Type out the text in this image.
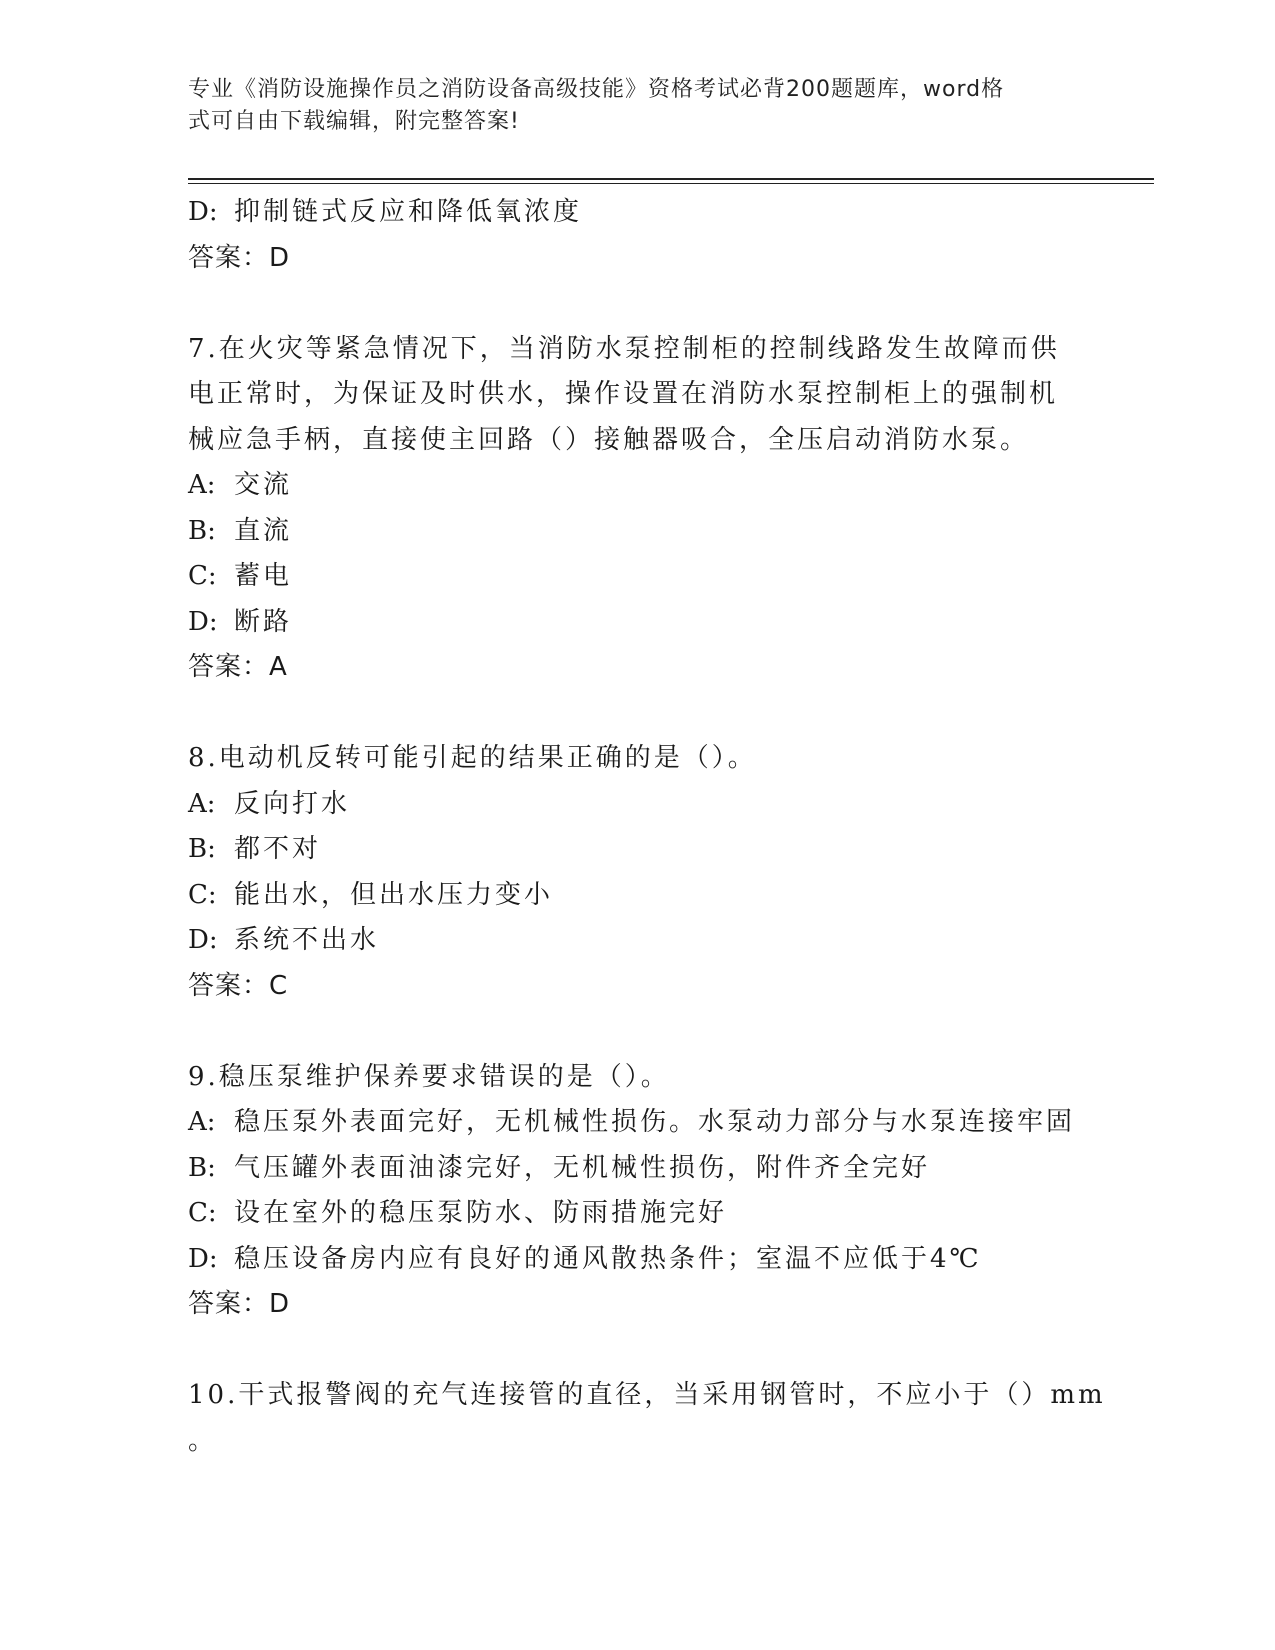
专业《消防设施操作员之消防设备高级技能》资格考试必背200题题库，word格
式可自由下载编辑，附完整答案!
D: 抑制链式反应和降低氧浓度
答案：D
7.在火灾等紧急情况下，当消防水泵控制柜的控制线路发生故障而供
电正常时，为保证及时供水，操作设置在消防水泵控制柜上的强制机
械应急手柄，直接使主回路（）接触器吸合，全压启动消防水泵。
A: 交流
B: 直流
C: 蓄电
D: 断路
答案：A
8.电动机反转可能引起的结果正确的是（）。
A: 反向打水
B: 都不对
C: 能出水，但出水压力变小
D: 系统不出水
答案：C
9.稳压泵维护保养要求错误的是（）。
A: 稳压泵外表面完好，无机械性损伤。水泵动力部分与水泵连接牢固
B: 气压罐外表面油漆完好，无机械性损伤，附件齐全完好
C: 设在室外的稳压泵防水、防雨措施完好
D: 稳压设备房内应有良好的通风散热条件；室温不应低于4℃
答案：D
10.干式报警阀的充气连接管的直径，当采用钢管时，不应小于（）mm
。
